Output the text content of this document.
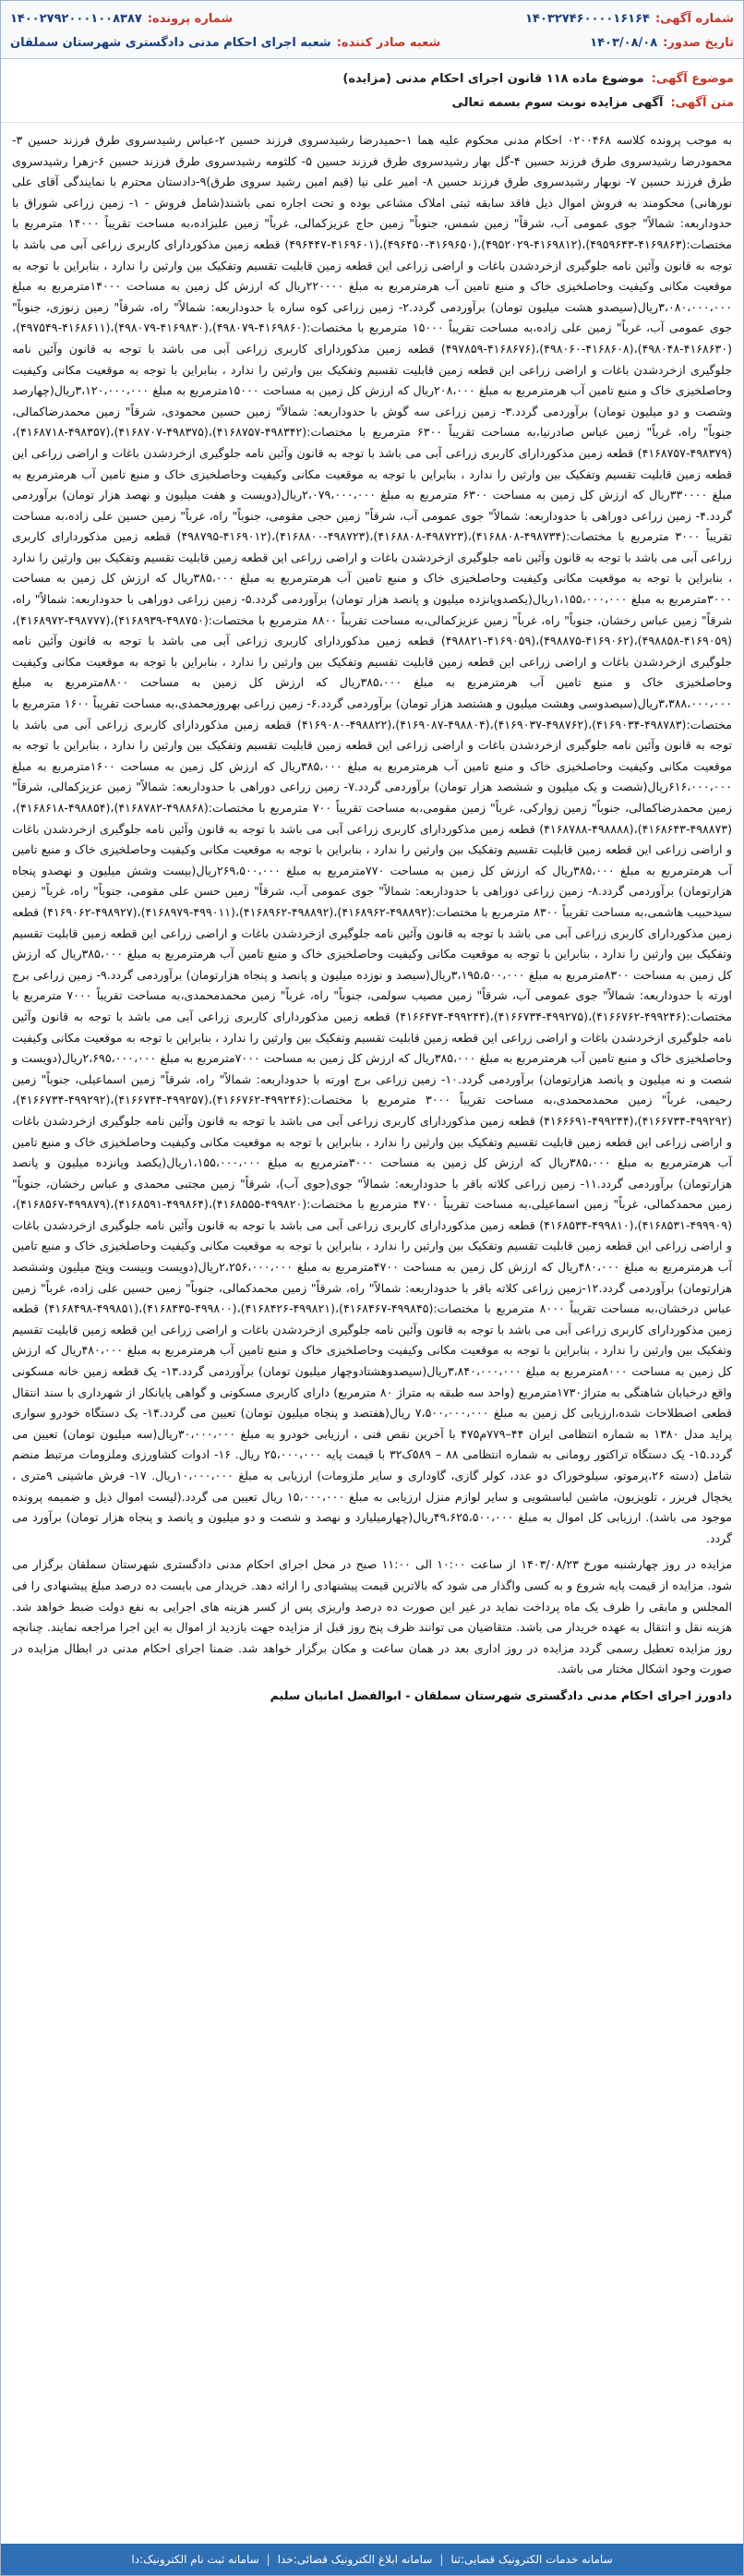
شماره آگهی:
۱۴۰۳۲۷۴۶۰۰۰۰۱۶۱۶۴
شماره پرونده:
۱۴۰۰۲۷۹۲۰۰۰۱۰۰۸۳۸۷
تاریخ صدور:
۱۴۰۳/۰۸/۰۸
شعبه صادر کننده:
شعبه اجرای احکام مدنی دادگستری شهرستان سملقان
موضوع آگهی:
موضوع ماده ۱۱۸ قانون اجرای احکام مدنی (مزایده)
متن آگهی:
آگهی مزایده نوبت سوم بسمه تعالی

به موجب پرونده کلاسه ۰۲۰۰۴۶۸ احکام مدنی محکوم علیه هما ۱-حمیدرضا رشیدسروی فرزند حسین ۲-عباس رشیدسروی طرق فرزند حسین ۳- محمودرضا رشیدسروی طرق فرزند حسین ۴-گل بهار رشیدسروی طرق فرزند حسین ۵- کلثومه رشیدسروی طرق فرزند حسین ۶-زهرا رشیدسروی طرق فرزند حسین ۷- نوبهار رشیدسروی طرق فرزند حسین ۸- امیر علی نیا (قیم امین رشید سروی طرق)۹-دادستان محترم با نمایندگی آقای علی نورهانی) محکومند به فروش اموال ذیل فاقد سابقه ثبتی املاک مشاعی بوده و تحت اجاره نمی باشند(شامل فروش - ۱- زمین زراعی شوراق با حدوداربعه: شمالاً" جوی عمومی آب، شرقاً" زمین شمس، جنوباً" زمین حاج عزیزکمالی، غرباً" زمین علیزاده،به مساحت تقریباً ۱۴۰۰۰ مترمربع با مختصات:(۴۱۶۹۸۶۳-۴۹۵۹۶۴۳)،(۴۱۶۹۸۱۲-۴۹۵۲۰۲۹)،(۴۱۶۹۶۵۰-۴۹۶۴۵۰)،(۴۱۶۹۶۰۱-۴۹۶۴۴۷) قطعه زمین مذکوردارای کاربری زراعی آبی می باشد با توجه به قانون وآئین نامه جلوگیری ازخردشدن باغات و اراضی زراعی این قطعه زمین قابلیت تقسیم وتفکیک بین وارثین را ندارد ، بنابراین با توجه به موقعیت مکانی وکیفیت وحاصلخیزی خاک و منبع تامین آب هرمترمربع به مبلغ ۲۲۰۰۰۰ریال که ارزش کل زمین به مساحت ۱۴۰۰۰مترمربع به مبلغ ۳،۰۸۰،۰۰۰،۰۰۰ریال(سیصدو هشت میلیون تومان) برآوردمی گردد.۲- زمین زراعی کوه ساره با حدوداربعه: شمالاً" راه، شرقاً" زمین زنوزی، جنوباً" جوی عمومی آب، غرباً" زمین علی زاده،به مساحت تقریباً ۱۵۰۰۰ مترمربع با مختصات:(۴۱۶۹۸۶۰-۴۹۸۰۷۹)،(۴۱۶۹۸۳۰-۴۹۸۰۷۹)،(۴۱۶۸۶۱۱-۴۹۷۵۴۹)،(۴۱۶۸۶۳۰-۴۹۸۰۴۸)،(۴۱۶۸۶۰۸-۴۹۸۰۶۰)،(۴۱۶۸۶۷۶-۴۹۷۸۵۹) قطعه زمین مذکوردارای کاربری زراعی آبی می باشد با توجه به قانون وآئین نامه جلوگیری ازخردشدن باغات و اراضی زراعی این قطعه زمین قابلیت تقسیم وتفکیک بین وارثین را ندارد ، بنابراین با توجه به موقعیت مکانی وکیفیت وحاصلخیزی خاک و منبع تامین آب هرمترمربع به مبلغ ۲۰۸،۰۰۰ریال که ارزش کل زمین به مساحت ۱۵۰۰۰مترمربع به مبلغ ۳،۱۲۰،۰۰۰،۰۰۰ریال(چهارصد وشصت و دو میلیون تومان) برآوردمی گردد.۳- زمین زراعی سه گوش با حدوداربعه: شمالاً" زمین حسین محمودی، شرقاً" زمین محمدرضاکمالی، جنوباً" راه، غرباً" زمین عباس صادرنیا،به مساحت تقریباً ۶۳۰۰ مترمربع با مختصات:(۴۹۸۳۴۲-۴۱۶۸۷۵۷)،(۴۹۸۳۷۵-۴۱۶۸۷۰۷)،(۴۹۸۳۵۷-۴۱۶۸۷۱۸)،(۴۹۸۳۷۹-۴۱۶۸۷۵۷) قطعه زمین مذکوردارای کاربری زراعی آبی می باشد با توجه به قانون وآئین نامه جلوگیری ازخردشدن باغات و اراضی زراعی این قطعه زمین قابلیت تقسیم وتفکیک بین وارثین را ندارد ، بنابراین با توجه به موقعیت مکانی وکیفیت وحاصلخیزی خاک و منبع تامین آب هرمترمربع به مبلغ ۳۳۰۰۰۰ریال که ارزش کل زمین به مساحت ۶۳۰۰ مترمربع به مبلغ ۲،۰۷۹،۰۰۰،۰۰۰ریال(دویست و هفت میلیون و نهصد هزار تومان) برآوردمی گردد.۴- زمین زراعی دوراهی با حدوداربعه: شمالاً" جوی عمومی آب، شرقاً" زمین حجی مقومی، جنوباً" راه، غرباً" زمین حسین علی زاده،به مساحت تقریباً ۳۰۰۰ مترمربع با مختصات:(۴۹۸۷۳۴-۴۱۶۸۸۰۸)،(۴۹۸۷۲۳-۴۱۶۸۸۰۸)،(۴۹۸۷۲۳-۴۱۶۸۸۰۰)،(۴۱۶۹۰۱۲-۴۹۸۷۹۵) قطعه زمین مذکوردارای کاربری زراعی آبی می باشد با توجه به قانون وآئین نامه جلوگیری ازخردشدن باغات و اراضی زراعی این قطعه زمین قابلیت تقسیم وتفکیک بین وارثین را ندارد ، بنابراین با توجه به موقعیت مکانی وکیفیت وحاصلخیزی خاک و منبع تامین آب هرمترمربع به مبلغ ۳۸۵،۰۰۰ریال که ارزش کل زمین به مساحت ۳۰۰۰مترمربع به مبلغ ۱،۱۵۵،۰۰۰،۰۰۰ریال(یکصدوپانزده میلیون و پانصد هزار تومان) برآوردمی گردد.۵- زمین زراعی دوراهی با حدوداربعه: شمالاً" راه، شرقاً" زمین عباس رخشان، جنوباً" راه، غرباً" زمین عزیزکمالی،به مساحت تقریباً ۸۸۰۰ مترمربع با مختصات:(۴۹۸۷۵۰-۴۱۶۸۹۳۹)،(۴۹۸۷۷۷-۴۱۶۸۹۷۲)،(۴۱۶۹۰۵۹-۴۹۸۸۵۸)،(۴۱۶۹۰۶۲-۴۹۸۸۷۵)،(۴۱۶۹۰۵۹-۴۹۸۸۲۱) قطعه زمین مذکوردارای کاربری زراعی آبی می باشد با توجه به قانون وآئین نامه جلوگیری ازخردشدن باغات و اراضی زراعی این قطعه زمین قابلیت تقسیم وتفکیک بین وارثین را ندارد ، بنابراین با توجه به موقعیت مکانی وکیفیت وحاصلخیزی خاک و منبع تامین آب هرمترمربع به مبلغ ۳۸۵،۰۰۰ریال که ارزش کل زمین به مساحت ۸۸۰۰مترمربع به مبلغ ۳،۳۸۸،۰۰۰،۰۰۰ریال(سیصدوسی وهشت میلیون و هشتصد هزار تومان) برآوردمی گردد.۶- زمین زراعی بهروزمحمدی،به مساحت تقریباً ۱۶۰۰ مترمربع با مختصات:(۴۹۸۷۸۳-۴۱۶۹۰۳۴)،(۴۹۸۷۶۲-۴۱۶۹۰۳۷)،(۴۹۸۸۰۴-۴۱۶۹۰۸۷)،(۴۹۸۸۲۲-۴۱۶۹۰۸۰) قطعه زمین مذکوردارای کاربری زراعی آبی می باشد با توجه به قانون وآئین نامه جلوگیری ازخردشدن باغات و اراضی زراعی این قطعه زمین قابلیت تقسیم وتفکیک بین وارثین را ندارد ، بنابراین با توجه به موقعیت مکانی وکیفیت وحاصلخیزی خاک و منبع تامین آب هرمترمربع به مبلغ ۳۸۵،۰۰۰ریال که ارزش کل زمین به مساحت ۱۶۰۰مترمربع به مبلغ ۶۱۶،۰۰۰،۰۰۰ریال(شصت و یک میلیون و ششصد هزار تومان) برآوردمی گردد.۷- زمین زراعی دوراهی با حدوداربعه: شمالاً" زمین عزیزکمالی، شرقاً" زمین محمدرضاکمالی، جنوباً" زمین زوارکی، غرباً" زمین مقومی،به مساحت تقریباً ۷۰۰ مترمربع با مختصات:(۴۹۸۸۶۸-۴۱۶۸۷۸۲)،(۴۹۸۸۵۴-۴۱۶۸۶۱۸)،(۴۹۸۸۷۳-۴۱۶۸۶۴۳)،(۴۹۸۸۸۸-۴۱۶۸۷۸۸) قطعه زمین مذکوردارای کاربری زراعی آبی می باشد با توجه به قانون وآئین نامه جلوگیری ازخردشدن باغات و اراضی زراعی این قطعه زمین قابلیت تقسیم وتفکیک بین وارثین را ندارد ، بنابراین با توجه به موقعیت مکانی وکیفیت وحاصلخیزی خاک و منبع تامین آب هرمترمربع به مبلغ ۳۸۵،۰۰۰ریال که ارزش کل زمین به مساحت ۷۷۰مترمربع به مبلغ ۲۶۹،۵۰۰،۰۰۰ریال(بیست وشش میلیون و نهصدو پنجاه هزارتومان) برآوردمی گردد.۸- زمین زراعی دوراهی با حدوداربعه: شمالاً" جوی عمومی آب، شرقاً" زمین حسن علی مقومی، جنوباً" راه، غرباً" زمین سیدحبیب هاشمی،به مساحت تقریباً ۸۳۰۰ مترمربع با مختصات:(۴۹۸۸۹۲-۴۱۶۸۹۶۲)،(۴۹۸۸۹۲-۴۱۶۸۹۶۲)،(۴۹۹۰۱۱-۴۱۶۸۹۷۹)،(۴۹۸۹۲۷-۴۱۶۹۰۶۲) قطعه زمین مذکوردارای کاربری زراعی آبی می باشد با توجه به قانون وآئین نامه جلوگیری ازخردشدن باغات و اراضی زراعی این قطعه زمین قابلیت تقسیم وتفکیک بین وارثین را ندارد ، بنابراین با توجه به موقعیت مکانی وکیفیت وحاصلخیزی خاک و منبع تامین آب هرمترمربع به مبلغ ۳۸۵،۰۰۰ریال که ارزش کل زمین به مساحت ۸۳۰۰مترمربع به مبلغ ۳،۱۹۵،۵۰۰،۰۰۰ریال(سیصد و نوزده میلیون و پانصد و پنجاه هزارتومان) برآوردمی گردد.۹- زمین زراعی برج اورته با حدوداربعه: شمالاً" جوی عمومی آب، شرقاً" زمین مصیب سولمی، جنوباً" راه، غرباً" زمین محمدمحمدی،به مساحت تقریباً ۷۰۰۰ مترمربع با مختصات:(۴۹۹۲۴۶-۴۱۶۶۷۶۲)،(۴۹۹۲۷۵-۴۱۶۶۷۳۴)،(۴۹۹۲۴۴-۴۱۶۶۴۷۴) قطعه زمین مذکوردارای کاربری زراعی آبی می باشد با توجه به قانون وآئین نامه جلوگیری ازخردشدن باغات و اراضی زراعی این قطعه زمین قابلیت تقسیم وتفکیک بین وارثین را ندارد ، بنابراین با توجه به موقعیت مکانی وکیفیت وحاصلخیزی خاک و منبع تامین آب هرمترمربع به مبلغ ۳۸۵،۰۰۰ریال که ارزش کل زمین به مساحت ۷۰۰۰مترمربع به مبلغ ۲،۶۹۵،۰۰۰،۰۰۰ریال(دویست و شصت و نه میلیون و پانصد هزارتومان) برآوردمی گردد.۱۰- زمین زراعی برج اورته با حدوداربعه: شمالاً" راه، شرقاً" زمین اسماعیلی، جنوباً" زمین رحیمی، غرباً" زمین محمدمحمدی،به مساحت تقریباً ۳۰۰۰ مترمربع با مختصات:(۴۹۹۲۴۶-۴۱۶۶۷۶۲)،(۴۹۹۲۵۷-۴۱۶۶۷۴۴)،(۴۹۹۲۹۲-۴۱۶۶۷۳۴)،(۴۹۹۲۹۲-۴۱۶۶۷۳۴)،(۴۹۹۲۴۴-۴۱۶۶۶۹۱) قطعه زمین مذکوردارای کاربری زراعی آبی می باشد با توجه به قانون وآئین نامه جلوگیری ازخردشدن باغات و اراضی زراعی این قطعه زمین قابلیت تقسیم وتفکیک بین وارثین را ندارد ، بنابراین با توجه به موقعیت مکانی وکیفیت وحاصلخیزی خاک و منبع تامین آب هرمترمربع به مبلغ ۳۸۵،۰۰۰ریال که ارزش کل زمین به مساحت ۳۰۰۰مترمربع به مبلغ ۱،۱۵۵،۰۰۰،۰۰۰ریال(یکصد وپانزده میلیون و پانصد هزارتومان) برآوردمی گردد.۱۱- زمین زراعی کلاته باقر با حدوداربعه: شمالاً" جوی(جوی آب)، شرقاً" زمین مجتبی محمدی و عباس رخشان، جنوباً" زمین محمدکمالی، غرباً" زمین اسماعیلی،به مساحت تقریباً ۴۷۰۰ مترمربع با مختصات:(۴۹۹۸۲۰-۴۱۶۸۵۵۵)،(۴۹۹۸۶۴-۴۱۶۸۵۹۱)،(۴۹۹۸۷۹-۴۱۶۸۵۶۷)،(۴۹۹۹۰۹-۴۱۶۸۵۳۱)،(۴۹۹۸۱۰-۴۱۶۸۵۳۴) قطعه زمین مذکوردارای کاربری زراعی آبی می باشد با توجه به قانون وآئین نامه جلوگیری ازخردشدن باغات و اراضی زراعی این قطعه زمین قابلیت تقسیم وتفکیک بین وارثین را ندارد ، بنابراین با توجه به موقعیت مکانی وکیفیت وحاصلخیزی خاک و منبع تامین آب هرمترمربع به مبلغ ۴۸۰،۰۰۰ریال که ارزش کل زمین به مساحت ۴۷۰۰مترمربع به مبلغ ۲،۲۵۶،۰۰۰،۰۰۰ریال(دویست وبیست وپنج میلیون وششصد هزارتومان) برآوردمی گردد.۱۲-زمین زراعی کلاته باقر با حدوداربعه: شمالاً" راه، شرقاً" زمین محمدکمالی، جنوباً" زمین حسین علی زاده، غرباً" زمین عباس درخشان،به مساحت تقریباً ۸۰۰۰ مترمربع با مختصات:(۴۹۹۸۴۵-۴۱۶۸۴۶۷)،(۴۹۹۸۲۱-۴۱۶۸۴۲۶)،(۴۹۹۸۰۰-۴۱۶۸۴۳۵)،(۴۹۹۸۵۱-۴۱۶۸۴۹۸) قطعه زمین مذکوردارای کاربری زراعی آبی می باشد با توجه به قانون وآئین نامه جلوگیری ازخردشدن باغات و اراضی زراعی این قطعه زمین قابلیت تقسیم وتفکیک بین وارثین را ندارد ، بنابراین با توجه به موقعیت مکانی وکیفیت وحاصلخیزی خاک و منبع تامین آب هرمترمربع به مبلغ ۴۸۰،۰۰۰ریال که ارزش کل زمین به مساحت ۸۰۰۰مترمربع به مبلغ ۳،۸۴۰،۰۰۰،۰۰۰ریال(سیصدوهشتادوچهار میلیون تومان) برآوردمی گردد.۱۳- یک قطعه زمین خانه مسکونی واقع درخیابان شاهنگی به متراژ۱۷۳۰مترمربع (واحد سه طبقه به متراژ ۸۰ مترمربع) دارای کاربری مسکونی و گواهی پایانکار از شهرداری با سند انتقال قطعی اصطلاحات شده،ارزیابی کل زمین به مبلغ ۷،۵۰۰،۰۰۰،۰۰۰ ریال(هفتصد و پنجاه میلیون تومان) تعیین می گردد.۱۴- یک دستگاه خودرو سواری پراید مدل ۱۳۸۰ به شماره انتظامی ایران ۴۴–۷۷۹م۴۷۵ با آخرین نقص فنی ، ارزیابی خودرو به مبلغ ۳۰،۰۰۰،۰۰۰ریال(سه میلیون تومان) تعیین می گردد.۱۵- یک دستگاه تراکتور رومانی به شماره انتظامی ۸۸ – ۵۸۹ک۳۲ با قیمت پایه ۲۵،۰۰۰،۰۰۰ ریال. ۱۶- ادوات کشاورزی وملزومات مرتبط منضم شامل (دسته ۲۶،پرموتو، سیلوخوراک دو عدد، کولر گازی، گاوداری و سایر ملزومات) ارزیابی به مبلغ ۱۰،۰۰۰،۰۰۰ریال. ۱۷- فرش ماشینی ۹متری ، یخچال فریزر ، تلویزیون، ماشین لباسشویی و سایر لوازم منزل ارزیابی به مبلغ ۱۵،۰۰۰،۰۰۰ ریال تعیین می گردد.(لیست اموال ذیل و ضمیمه پرونده موجود می باشد). ارزیابی کل اموال به مبلغ ۴۹،۶۲۵،۵۰۰،۰۰۰ریال(چهارمیلیارد و نهصد و شصت و دو میلیون و پانصد و پنجاه هزار تومان) برآورد می گردد.

مزایده در روز چهارشنبه مورخ ۱۴۰۳/۰۸/۲۳ از ساعت ۱۰:۰۰ الی ۱۱:۰۰ صبح در محل اجرای احکام مدنی دادگستری شهرستان سملقان برگزار می شود. مزایده از قیمت پایه شروع و به کسی واگذار می شود که بالاترین قیمت پیشنهادی را ارائه دهد. خریدار می بایست ده درصد مبلغ پیشنهادی را فی المجلس و مابقی را ظرف یک ماه پرداخت نماید در غیر این صورت ده درصد واریزی پس از کسر هزینه های اجرایی به نفع دولت ضبط خواهد شد. هزینه نقل و انتقال به عهده خریدار می باشد. متقاضیان می توانند ظرف پنج روز قبل از مزایده جهت بازدید از اموال به این اجرا مراجعه نمایند. چنانچه روز مزایده تعطیل رسمی گردد مزایده در روز اداری بعد در همان ساعت و مکان برگزار خواهد شد. ضمنا اجرای احکام مدنی در ابطال مزایده در صورت وجود اشکال مختار می باشد.

دادورز اجرای احکام مدنی دادگستری شهرستان سملقان - ابوالفضل امانیان سلیم

سامانه خدمات الکترونیک قضایی:ثنا
|
سامانه ابلاغ الکترونیک قضائی:خدا
|
سامانه ثبت نام الکترونیک:دا
